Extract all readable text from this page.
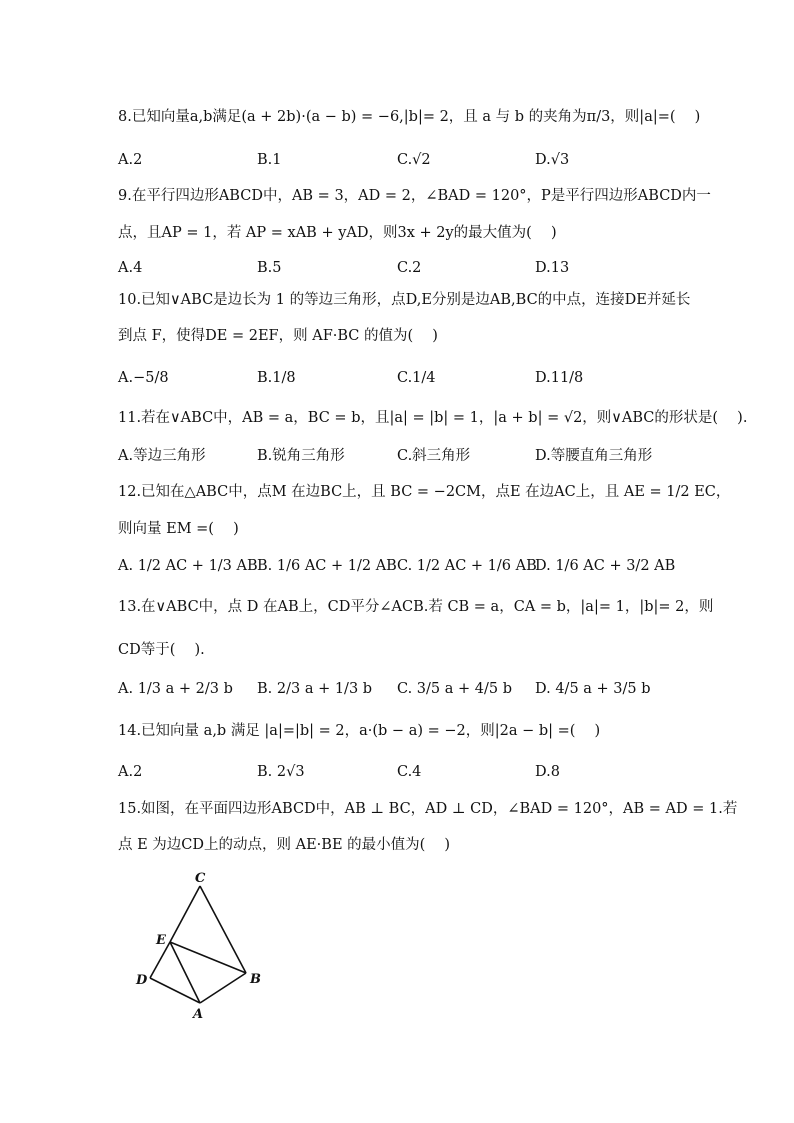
8.已知向量a,b满足(a + 2b)·(a − b) = −6,|b|= 2，且 a 与 b 的夹角为π/3，则|a|=(　 )
A.2	B.1	C.√2	D.√3
9.在平行四边形ABCD中，AB = 3，AD = 2，∠BAD = 120°，P是平行四边形ABCD内一
点，且AP = 1，若 AP = xAB + yAD，则3x + 2y的最大值为(　 )
A.4	B.5	C.2	D.13
10.已知∨ABC是边长为 1 的等边三角形，点D,E分别是边AB,BC的中点，连接DE并延长
到点 F，使得DE = 2EF，则 AF·BC 的值为(　 )
A.−5/8	B.1/8	C.1/4	D.11/8
11.若在∨ABC中，AB = a，BC = b，且|a| = |b| = 1，|a + b| = √2，则∨ABC的形状是(　 ).
A.等边三角形	B.锐角三角形	C.斜三角形	D.等腰直角三角形
12.已知在△ABC中，点M 在边BC上，且 BC = −2CM，点E 在边AC上，且 AE = 1/2 EC，
则向量 EM =(　 )
A. 1/2 AC + 1/3 AB B. 1/6 AC + 1/2 AB C. 1/2 AC + 1/6 AB
D. 1/6 AC + 3/2 AB
13.在∨ABC中，点 D 在AB上，CD平分∠ACB.若 CB = a，CA = b，|a|= 1，|b|= 2，则
CD等于(　 ).
A. 1/3 a + 2/3 b B. 2/3 a + 1/3 b C. 3/5 a + 4/5 b D. 4/5 a + 3/5 b
14.已知向量 a,b 满足 |a|=|b| = 2，a·(b − a) = −2，则|2a − b| =(　 )
A.2	B. 2√3	C.4	D.8
15.如图，在平面四边形ABCD中，AB ⊥ BC，AD ⊥ CD，∠BAD = 120°，AB = AD = 1.若
点 E 为边CD上的动点，则 AE·BE 的最小值为(　 )
C
E
D	B
A
